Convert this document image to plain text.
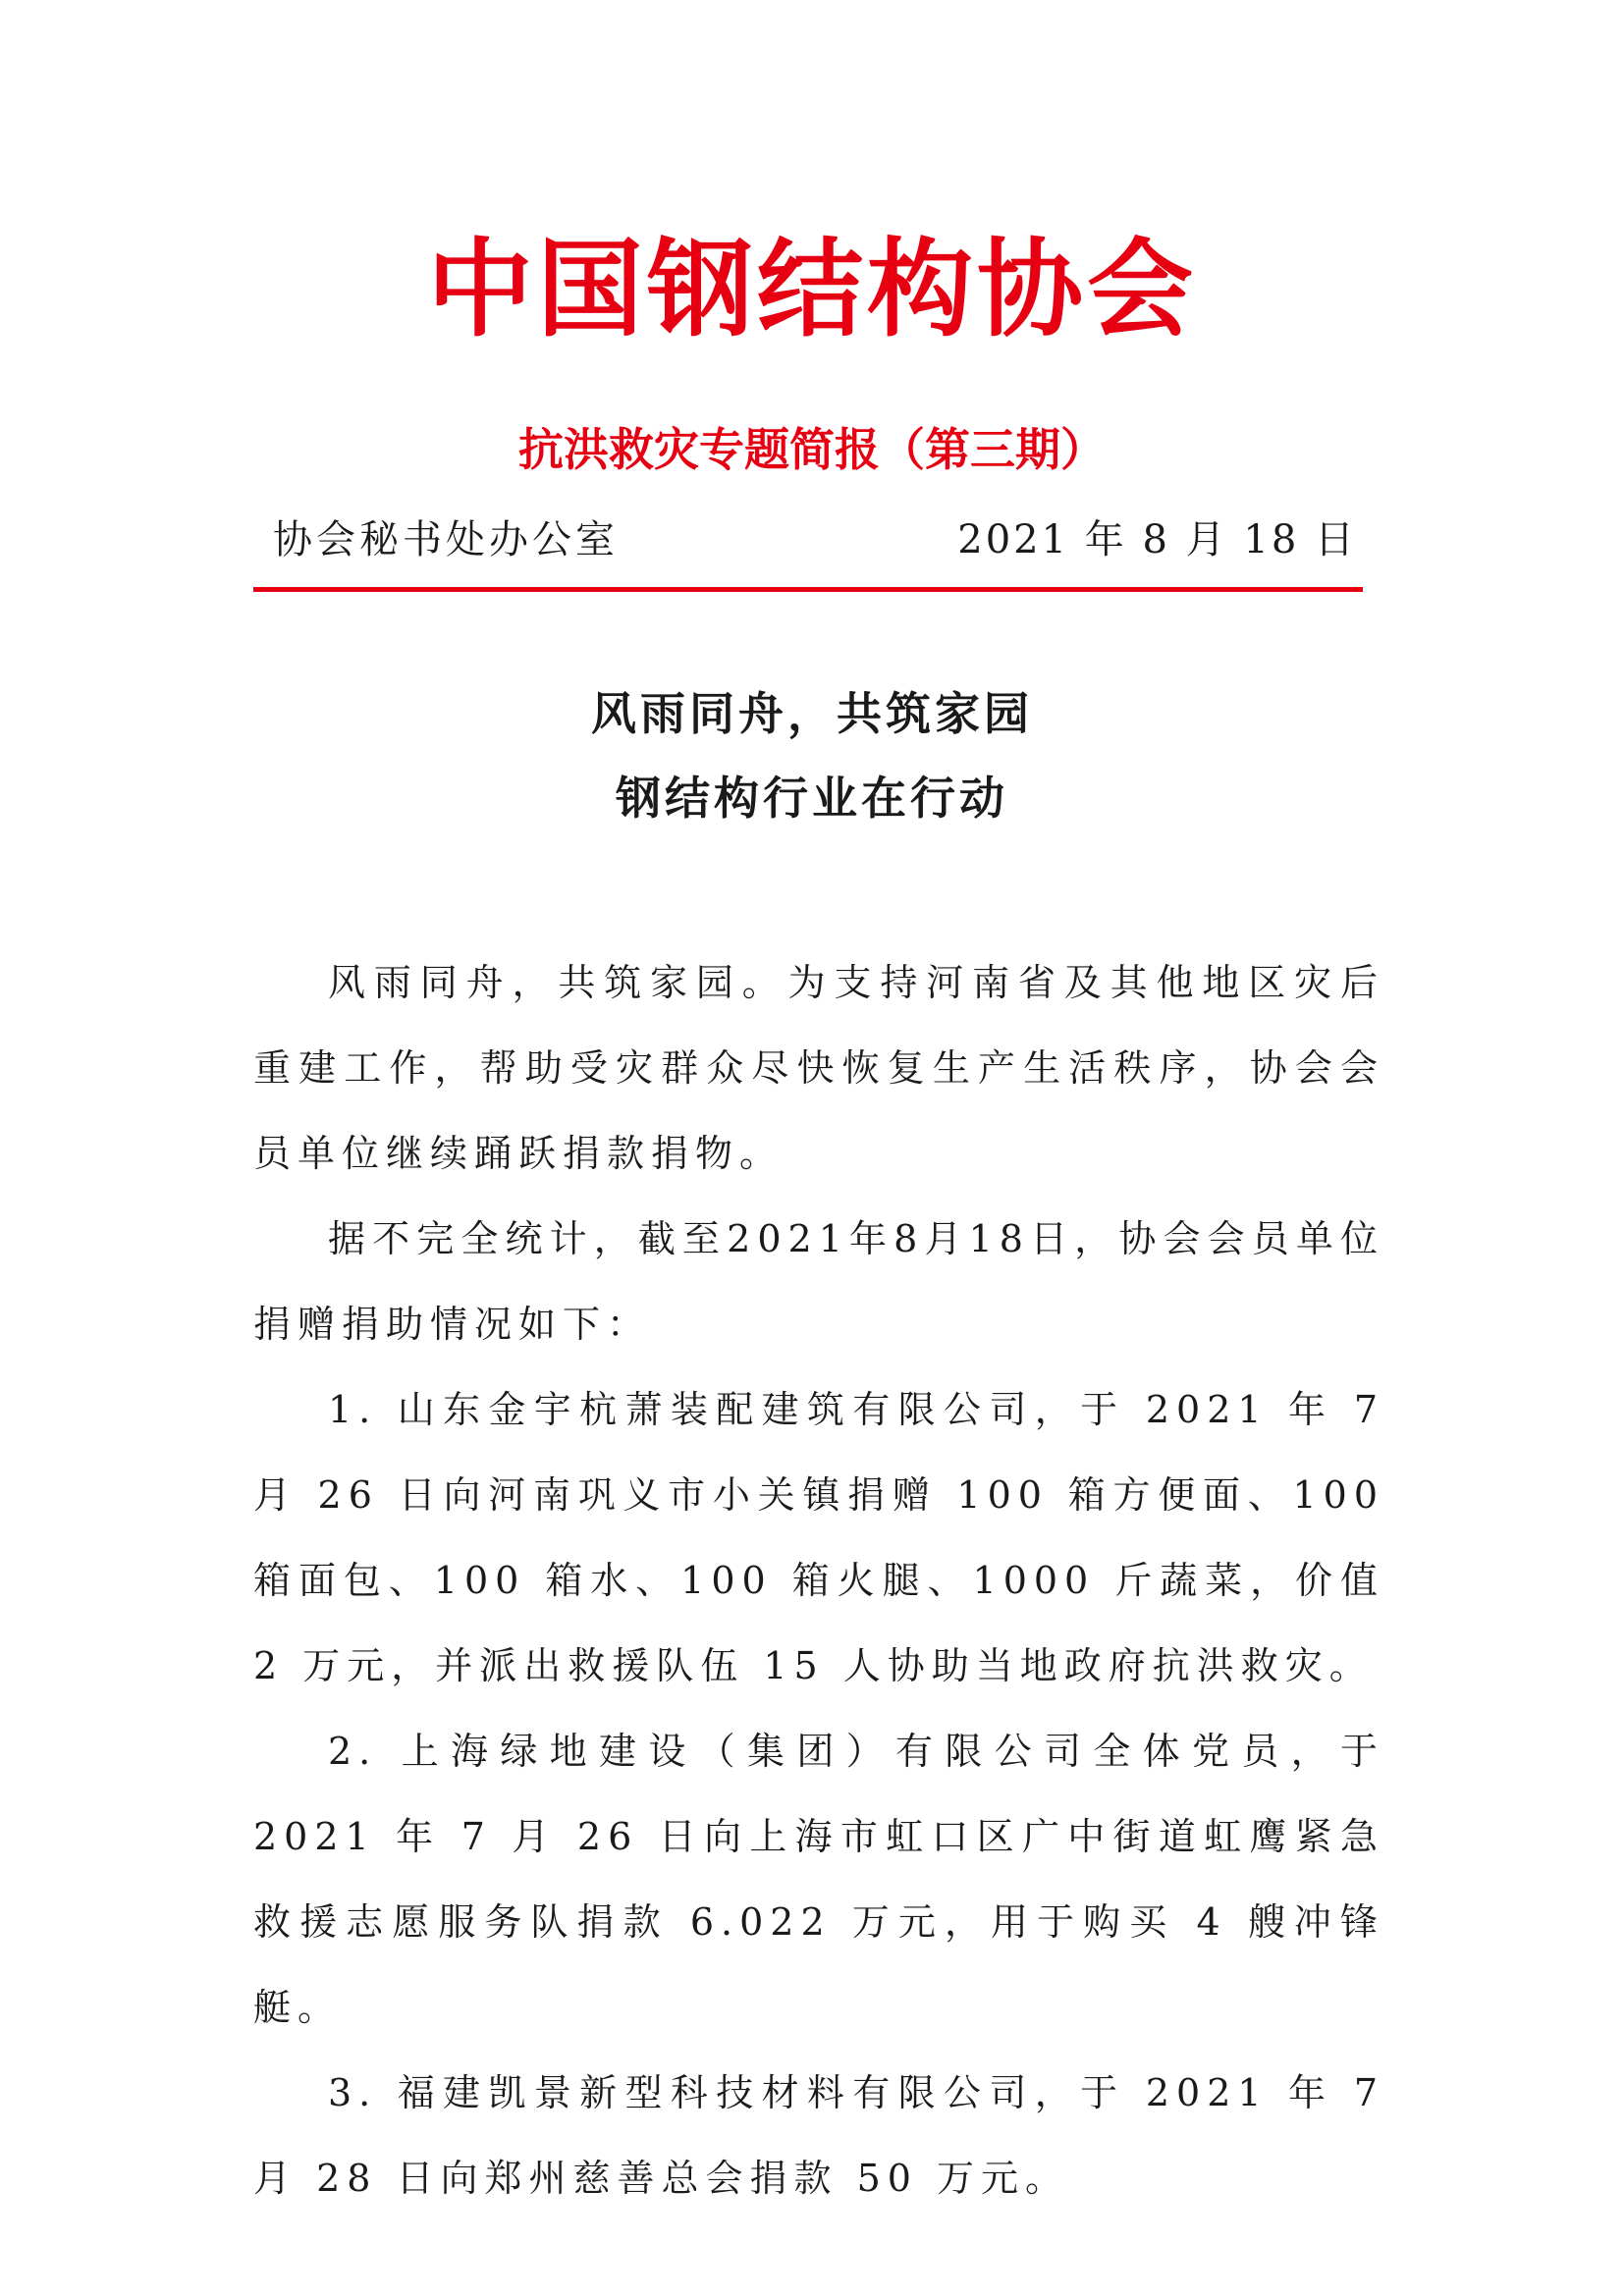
中国钢结构协会
抗洪救灾专题简报（第三期）
协会秘书处办公室	2021 年 8 月 18 日
风雨同舟，共筑家园
钢结构行业在行动

风雨同舟，共筑家园。为支持河南省及其他地区灾后重建工作，帮助受灾群众尽快恢复生产生活秩序，协会会员单位继续踊跃捐款捐物。

据不完全统计，截至2021年8月18日，协会会员单位捐赠捐助情况如下：

1. 山东金宇杭萧装配建筑有限公司，于 2021 年 7 月 26 日向河南巩义市小关镇捐赠 100 箱方便面、100 箱面包、100 箱水、100 箱火腿、1000 斤蔬菜，价值 2 万元，并派出救援队伍 15 人协助当地政府抗洪救灾。

2. 上海绿地建设（集团）有限公司全体党员，于 2021 年 7 月 26 日向上海市虹口区广中街道虹鹰紧急救援志愿服务队捐款 6.022 万元，用于购买 4 艘冲锋艇。

3. 福建凯景新型科技材料有限公司，于 2021 年 7 月 28 日向郑州慈善总会捐款 50 万元。
